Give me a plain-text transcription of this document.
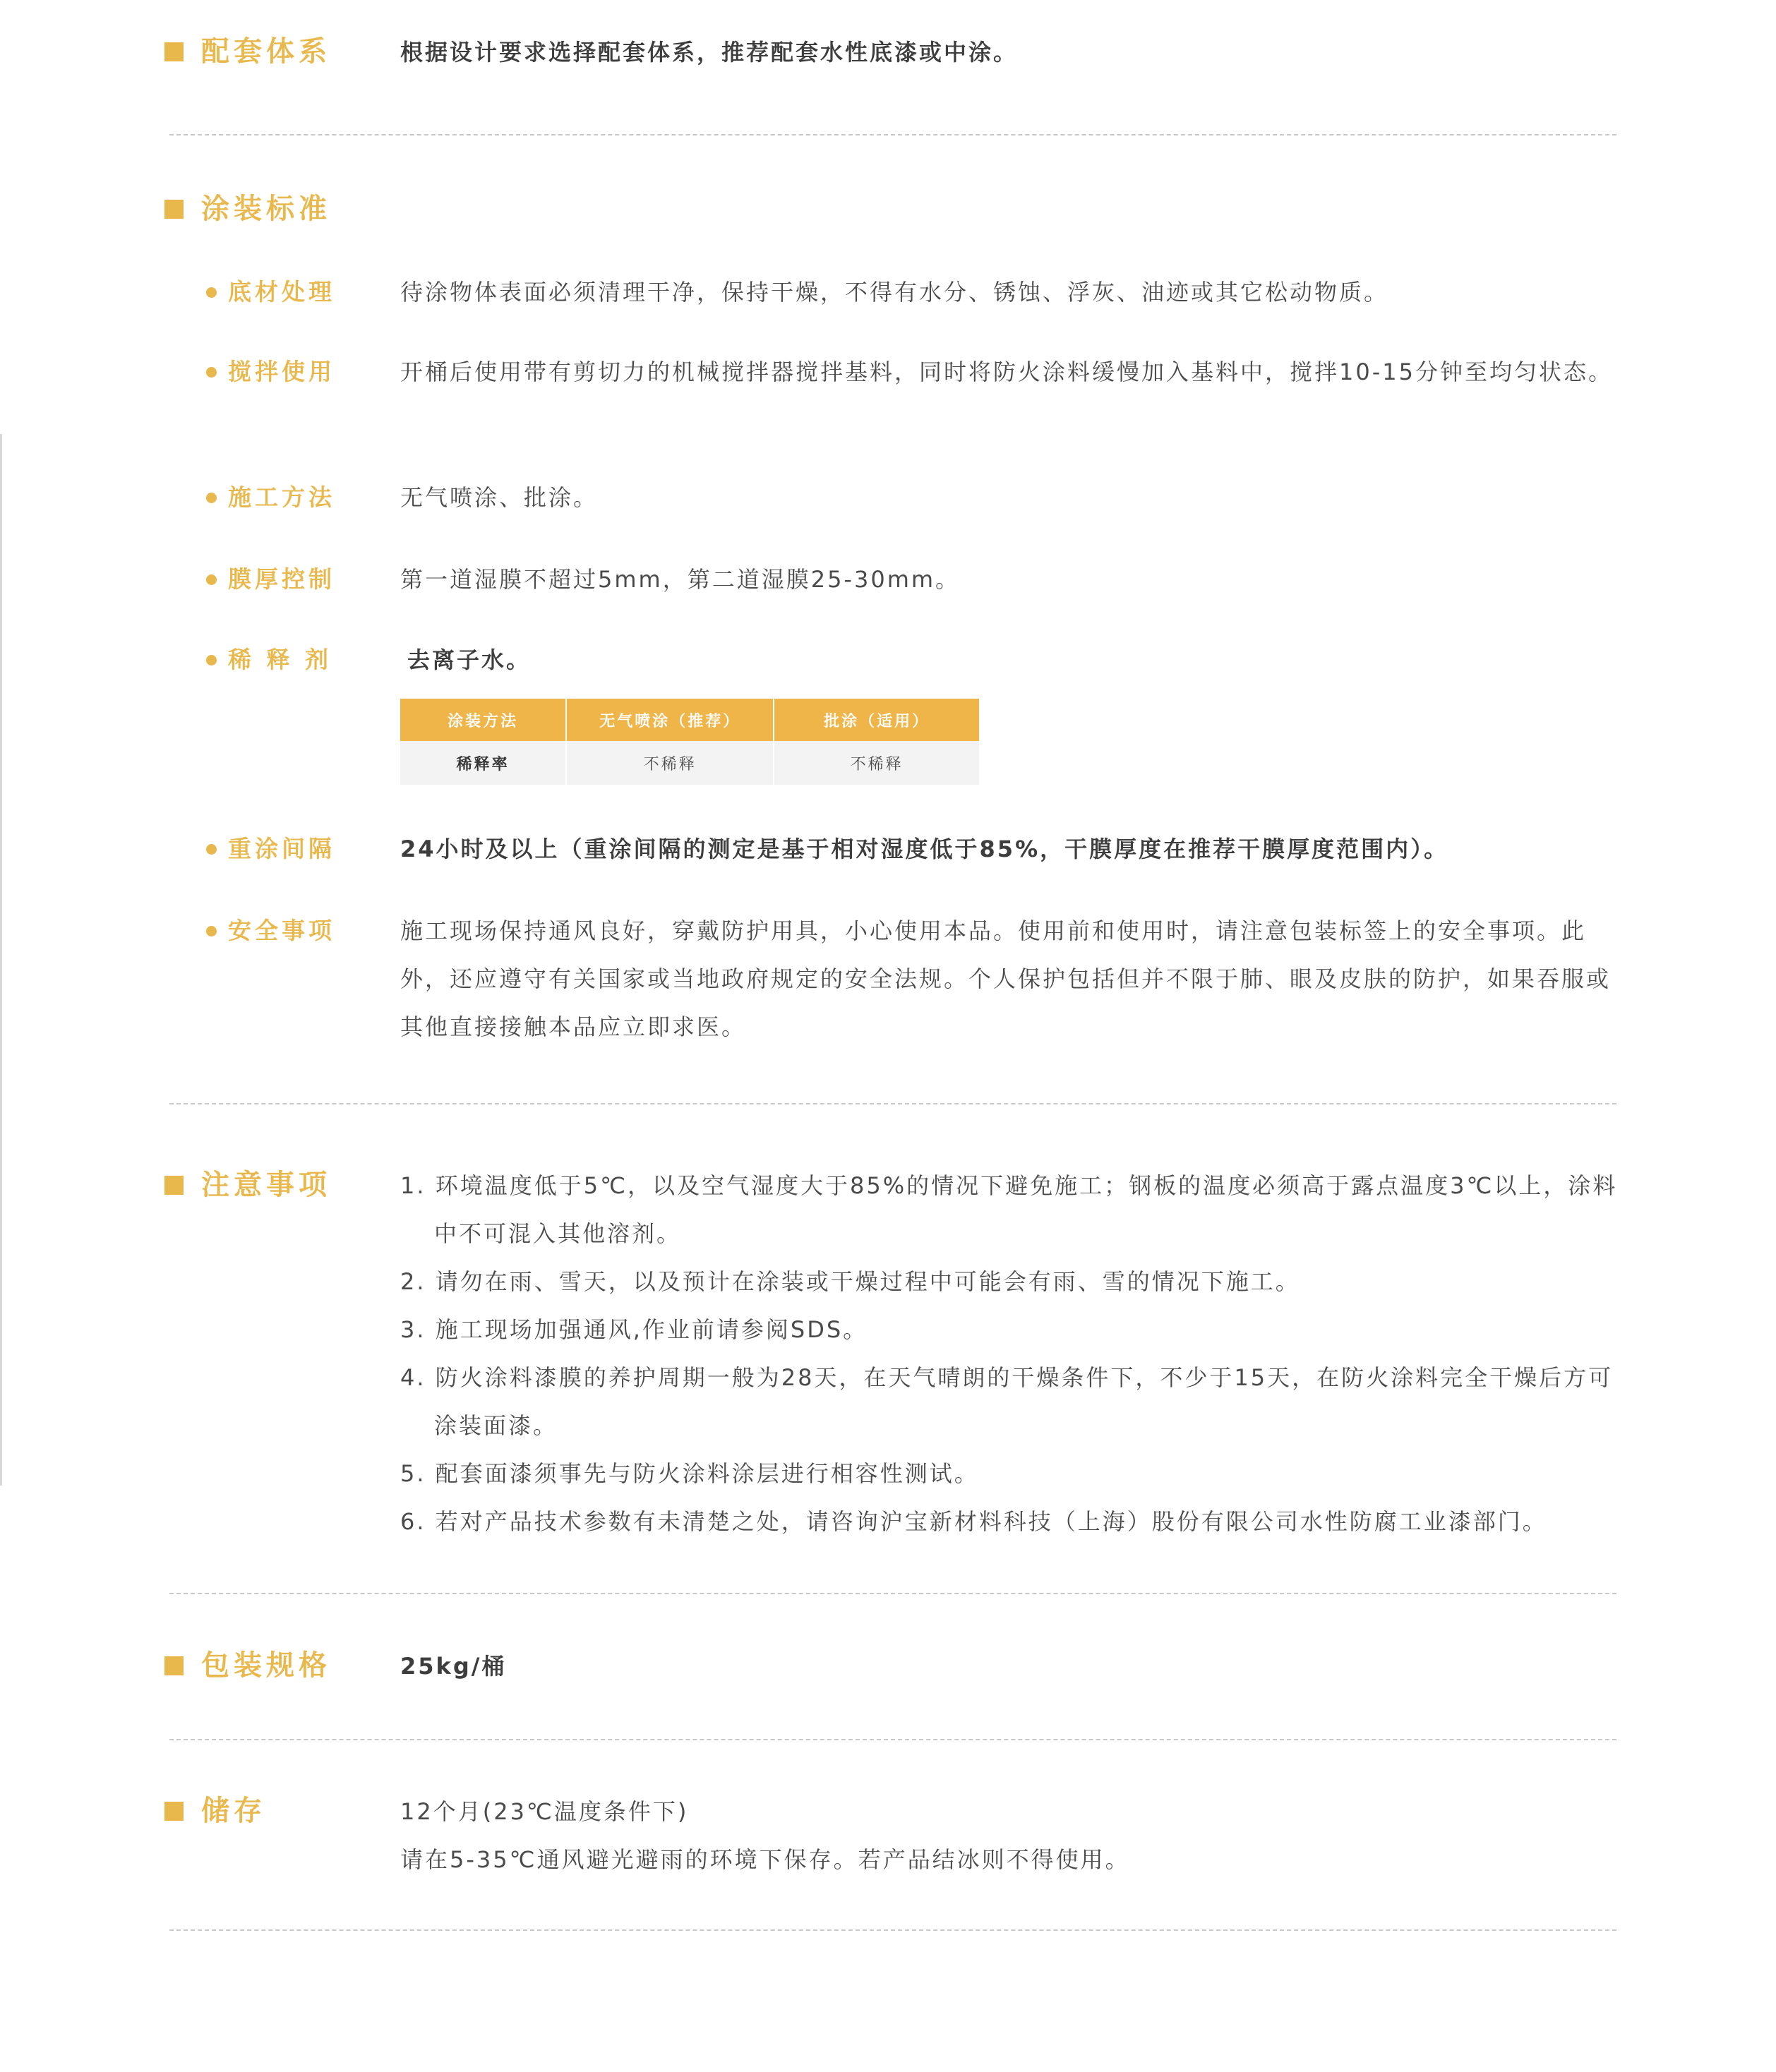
配套体系	根据设计要求选择配套体系，推荐配套水性底漆或中涂。
涂装标准
底材处理	待涂物体表面必须清理干净，保持干燥，不得有水分、锈蚀、浮灰、油迹或其它松动物质。
搅拌使用	开桶后使用带有剪切力的机械搅拌器搅拌基料，同时将防火涂料缓慢加入基料中，搅拌10-15分钟至均匀状态。
施工方法	无气喷涂、批涂。
膜厚控制	第一道湿膜不超过5mm，第二道湿膜25-30mm。
稀 释 剂	去离子水。
涂装方法	无气喷涂（推荐）	批涂（适用）
稀释率	不稀释	不稀释
重涂间隔	24小时及以上（重涂间隔的测定是基于相对湿度低于85%，干膜厚度在推荐干膜厚度范围内）。
安全事项	施工现场保持通风良好，穿戴防护用具，小心使用本品。使用前和使用时，请注意包装标签上的安全事项。此外，还应遵守有关国家或当地政府规定的安全法规。个人保护包括但并不限于肺、眼及皮肤的防护，如果吞服或其他直接接触本品应立即求医。
注意事项	1. 环境温度低于5℃，以及空气湿度大于85%的情况下避免施工；钢板的温度必须高于露点温度3℃以上，涂料中不可混入其他溶剂。
2. 请勿在雨、雪天，以及预计在涂装或干燥过程中可能会有雨、雪的情况下施工。
3. 施工现场加强通风,作业前请参阅SDS。
4. 防火涂料漆膜的养护周期一般为28天，在天气晴朗的干燥条件下，不少于15天，在防火涂料完全干燥后方可涂装面漆。
5. 配套面漆须事先与防火涂料涂层进行相容性测试。
6. 若对产品技术参数有未清楚之处，请咨询沪宝新材料科技（上海）股份有限公司水性防腐工业漆部门。
包装规格	25kg/桶
储存	12个月(23℃温度条件下)
请在5-35℃通风避光避雨的环境下保存。若产品结冰则不得使用。
